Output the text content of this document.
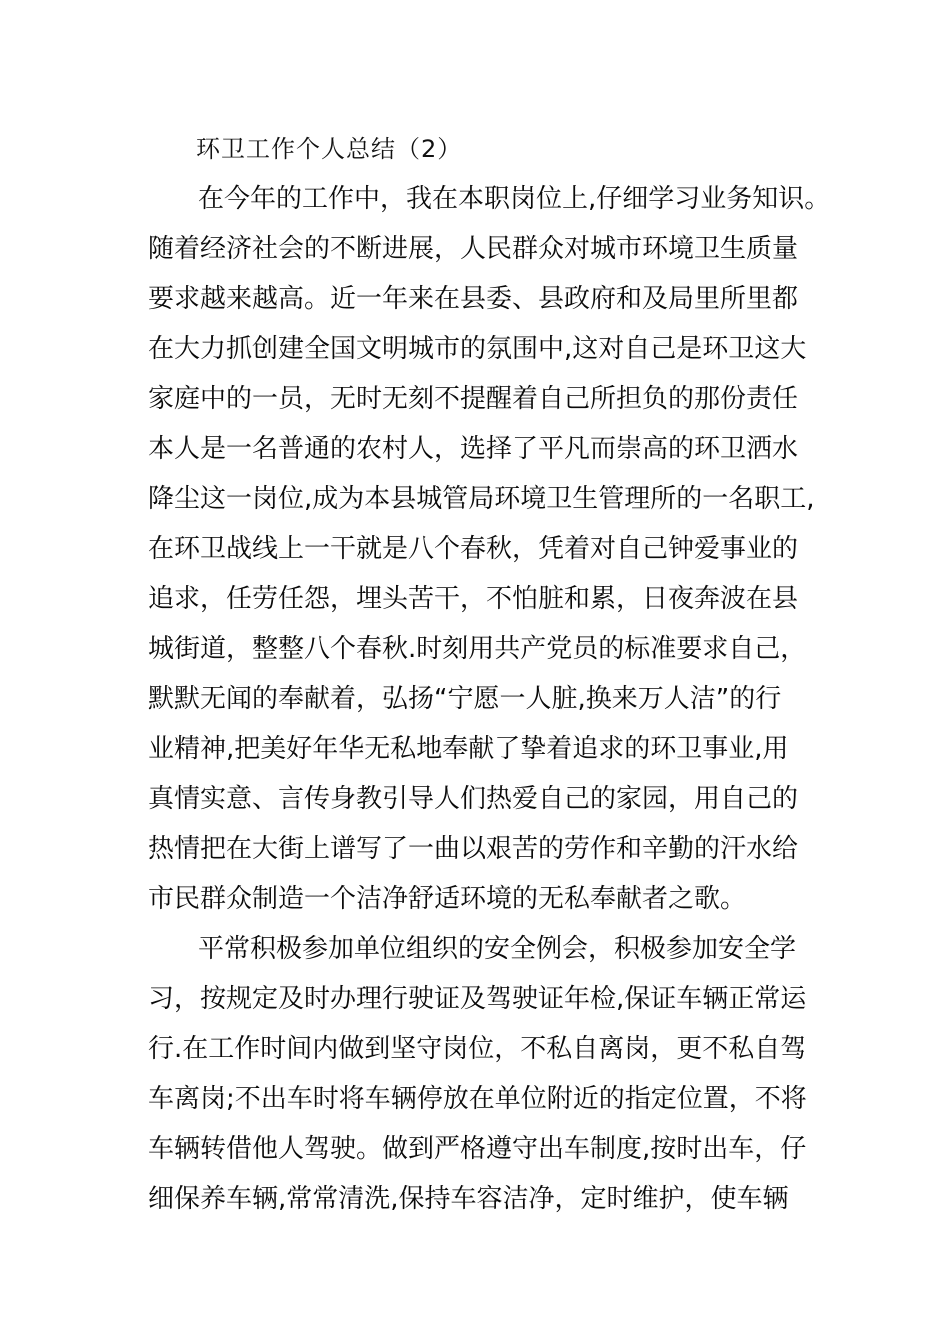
环卫工作个人总结（2）
在今年的工作中，我在本职岗位上,仔细学习业务知识。
随着经济社会的不断进展，人民群众对城市环境卫生质量
要求越来越高。近一年来在县委、县政府和及局里所里都
在大力抓创建全国文明城市的氛围中,这对自己是环卫这大
家庭中的一员，无时无刻不提醒着自己所担负的那份责任
本人是一名普通的农村人，选择了平凡而崇高的环卫洒水
降尘这一岗位,成为本县城管局环境卫生管理所的一名职工,
在环卫战线上一干就是八个春秋，凭着对自己钟爱事业的
追求，任劳任怨，埋头苦干，不怕脏和累，日夜奔波在县
城街道，整整八个春秋.时刻用共产党员的标准要求自己，
默默无闻的奉献着，弘扬“宁愿一人脏,换来万人洁”的行
业精神,把美好年华无私地奉献了挚着追求的环卫事业,用
真情实意、言传身教引导人们热爱自己的家园，用自己的
热情把在大街上谱写了一曲以艰苦的劳作和辛勤的汗水给
市民群众制造一个洁净舒适环境的无私奉献者之歌。
平常积极参加单位组织的安全例会，积极参加安全学
习，按规定及时办理行驶证及驾驶证年检,保证车辆正常运
行.在工作时间内做到坚守岗位，不私自离岗，更不私自驾
车离岗;不出车时将车辆停放在单位附近的指定位置，不将
车辆转借他人驾驶。做到严格遵守出车制度,按时出车，仔
细保养车辆,常常清洗,保持车容洁净，定时维护，使车辆
